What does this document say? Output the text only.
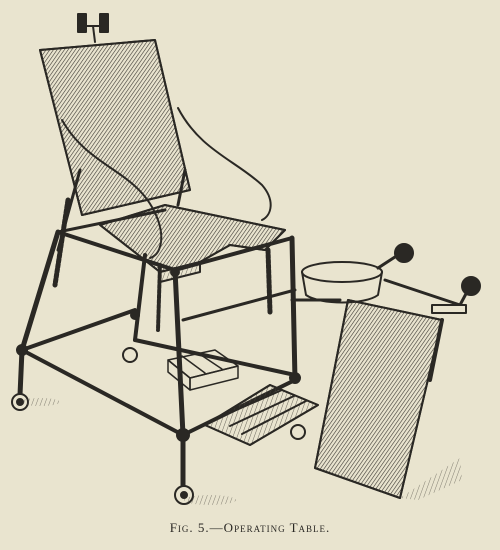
Fig. 5.—Operating Table.
